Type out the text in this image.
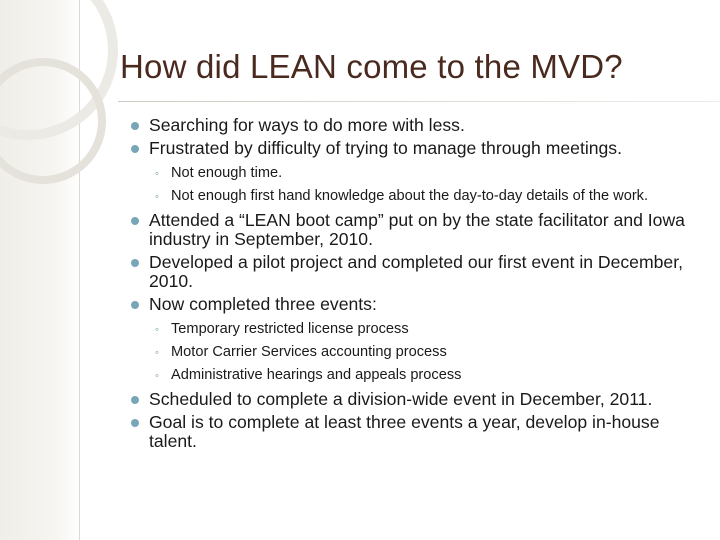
How did LEAN come to the MVD?
Searching for ways to do more with less.
Frustrated by difficulty of trying to manage through meetings.
◦ Not enough time.
◦ Not enough first hand knowledge about the day-to-day details of the work.
Attended a “LEAN boot camp” put on by the state facilitator and Iowa industry in September, 2010.
Developed a pilot project and completed our first event in December, 2010.
Now completed three events:
◦ Temporary restricted license process
◦ Motor Carrier Services accounting process
◦ Administrative hearings and appeals process
Scheduled to complete a division-wide event in December, 2011.
Goal is to complete at least three events a year, develop in-house talent.
